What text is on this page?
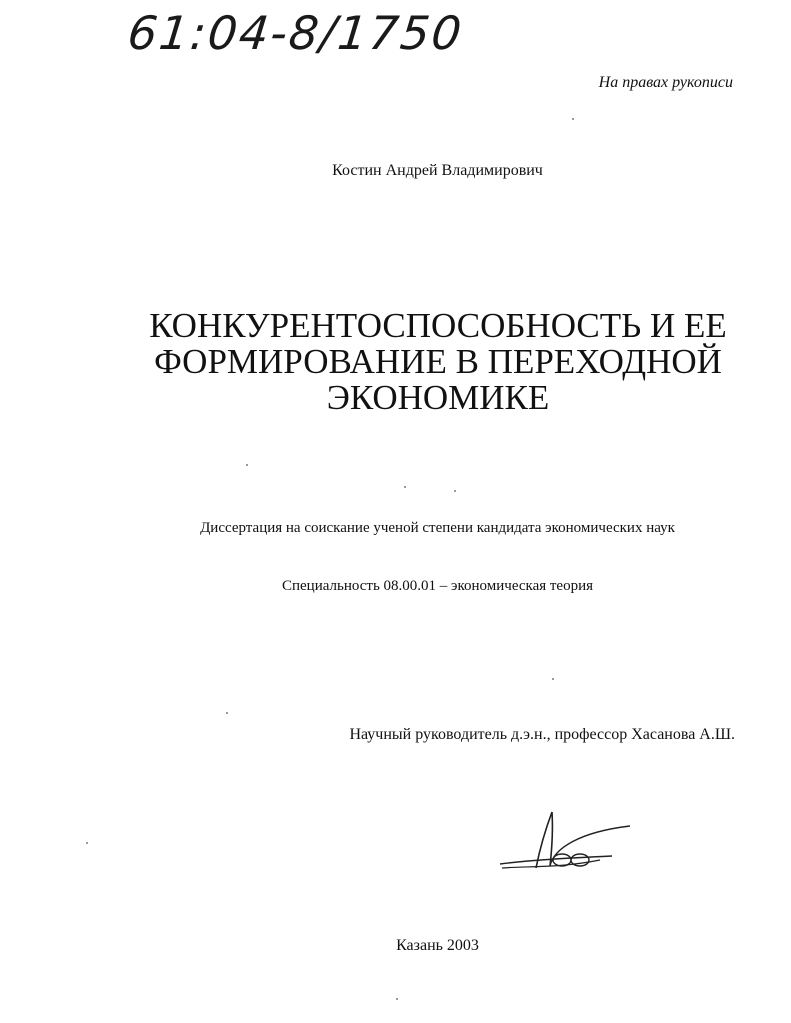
61:04-8/1750
На правах рукописи
Костин Андрей Владимирович
КОНКУРЕНТОСПОСОБНОСТЬ И ЕЕ
ФОРМИРОВАНИЕ В ПЕРЕХОДНОЙ
ЭКОНОМИКЕ
Диссертация на соискание ученой степени кандидата экономических наук
Специальность 08.00.01 – экономическая теория
Научный руководитель д.э.н., профессор Хасанова А.Ш.
Казань 2003
